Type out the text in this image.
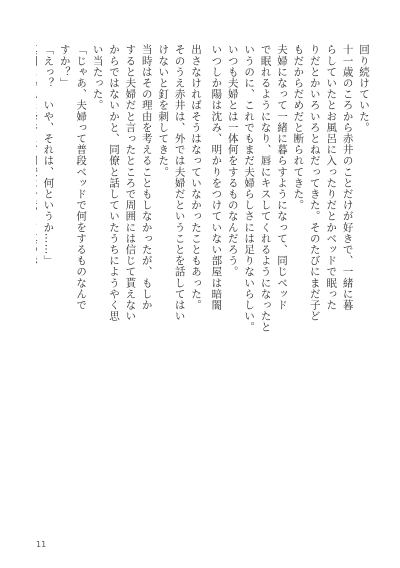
回り続けていた。
十一歳のころから赤井のことだけが好きで、一緒に暮
らしていたとお風呂に入ったりだとかベッドで眠った
りだとかいろいろとねだってきた。そのたびにまだ子ど
もだからだめだと断られてきた。
夫婦になって一緒に暮らすようになって、同じベッド
で眠れるようになり、唇にキスしてくれるようになったと
いうのに、これでもまだ夫婦らしさには足りないらしい。
いつも夫婦とは一体何をするものなんだろう。
いつしか陽は沈み、明かりをつけていない部屋は暗闇
出さなければそうはなっていなかったこともあった。
そのうえ赤井は、外では夫婦だということを話してはい
けないと釘を刺してきた。
当時はその理由を考えることもしなかったが、もしか
すると夫婦だと言ったところで周囲には信じて貰えない
からではないかと、同僚と話していたうちにようやく思
い当たった。
「じゃあ、夫婦って普段ベッドで何をするものなんで
すか？」
「えっ？　いや、それは、何というか……」

11
